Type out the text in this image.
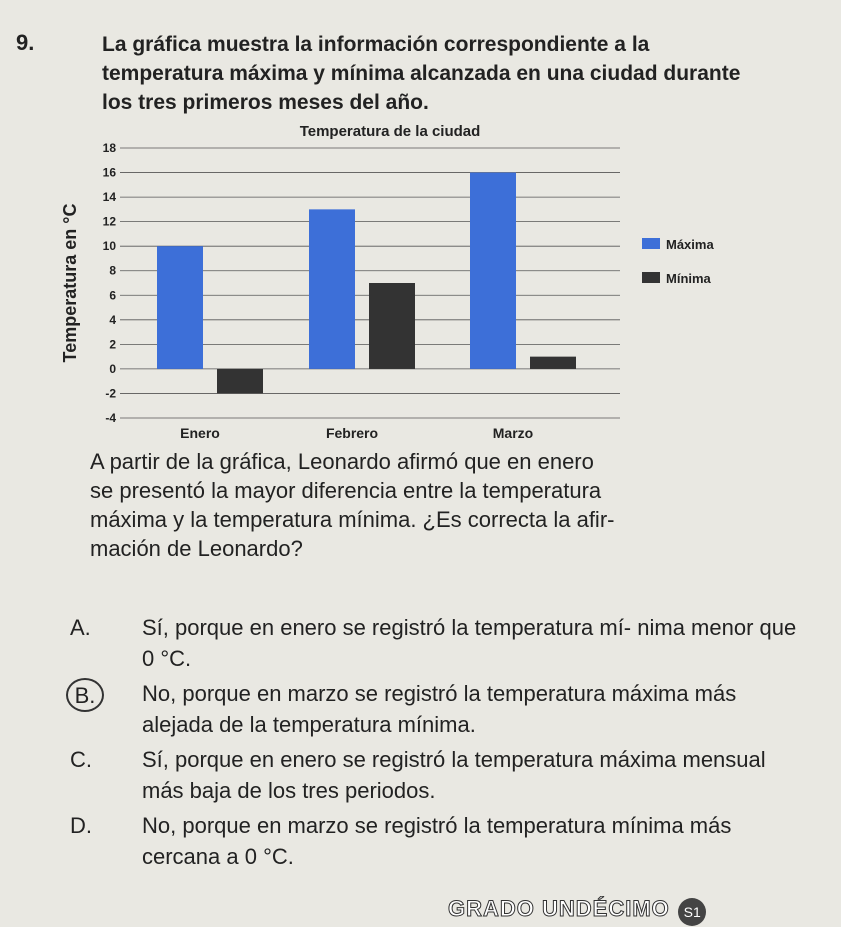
9.	La gráfica muestra la información correspondiente a la temperatura máxima y mínima alcanzada en una ciudad durante los tres primeros meses del año.
Temperatura de la ciudad
Temperatura en °C
18
16
14
12
10
8
6
4
2
0
-2
-4
Enero	Febrero	Marzo
Máxima
Mínima
A partir de la gráfica, Leonardo afirmó que en enero
se presentó la mayor diferencia entre la temperatura
máxima y la temperatura mínima. ¿Es correcta la afir-
mación de Leonardo?
A.	Sí, porque en enero se registró la temperatura mí- nima menor que 0 °C.
B.	No, porque en marzo se registró la temperatura máxima más alejada de la temperatura mínima.
C.	Sí, porque en enero se registró la temperatura máxima mensual más baja de los tres periodos.
D.	No, porque en marzo se registró la temperatura mínima más cercana a 0 °C.
GRADO UNDÉCIMO S1
